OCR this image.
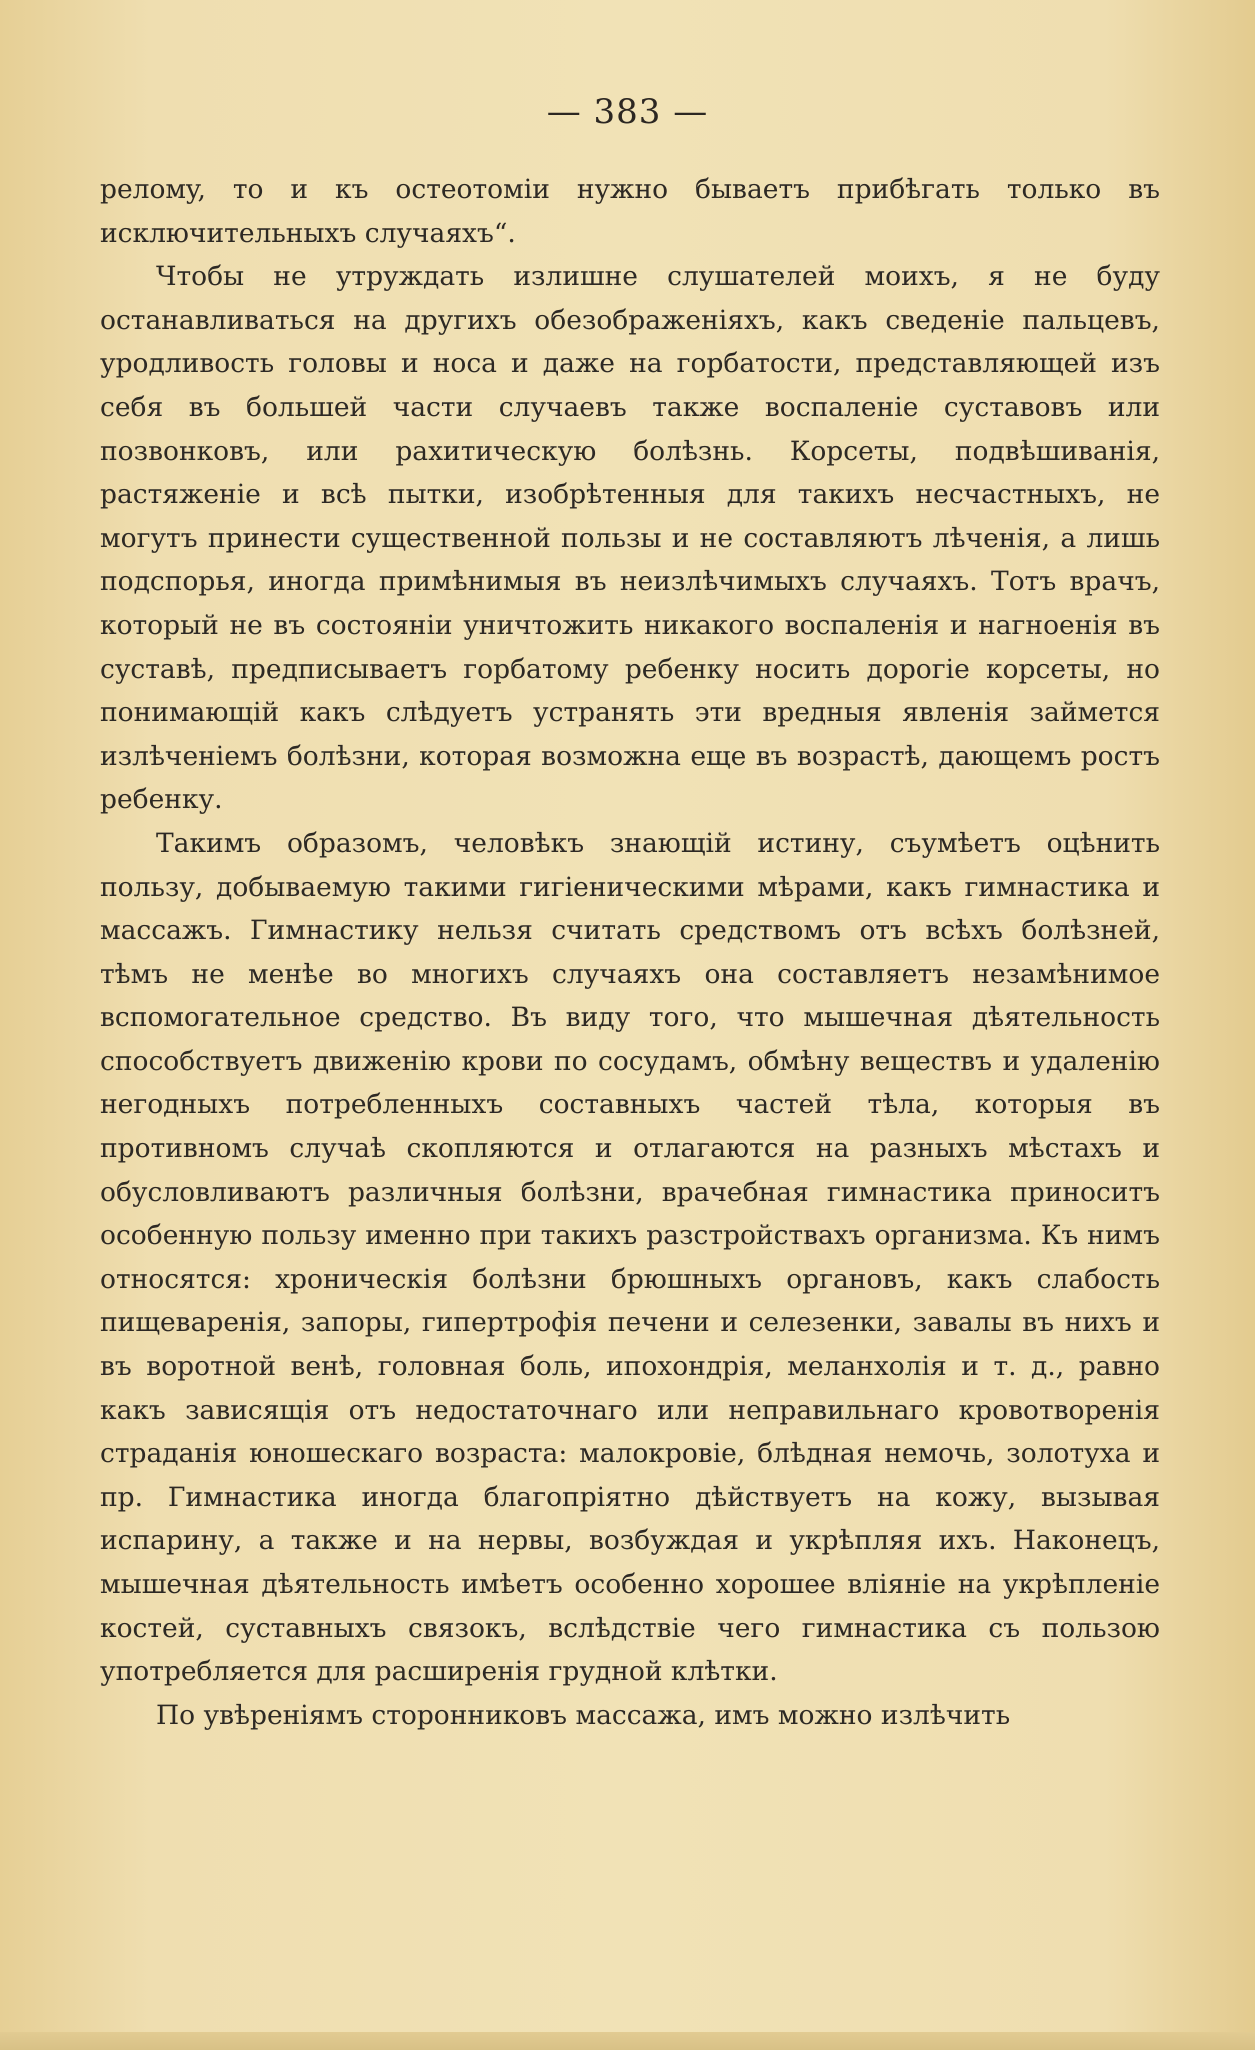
— 383 —

реломy, то и къ остеотомiи нужно бываетъ прибѣгать только въ исключительныхъ случаяхъ“.

Чтобы не утруждать излишне слушателей моихъ, я не буду останавливаться на другихъ обезображенiяхъ, какъ сведенiе пальцевъ, уродливость головы и носа и даже на горбатости, представляющей изъ себя въ большей части случаевъ также воспаленiе суставовъ или позвонковъ, или рахитическую болѣзнь. Корсеты, подвѣшиванiя, растяженiе и всѣ пытки, изобрѣтенныя для такихъ несчастныхъ, не могутъ принести существенной пользы и не составляютъ лѣченiя, а лишь подспорья, иногда примѣнимыя въ неизлѣчимыхъ случаяхъ. Тотъ врачъ, который не въ состоянiи уничтожить никакого воспаленiя и нагноенiя въ суставѣ, предписываетъ горбатому ребенку носить дорогiе корсеты, но понимающiй какъ слѣдуетъ устранять эти вредныя явленiя займется излѣченiемъ болѣзни, которая возможна еще въ возрастѣ, дающемъ ростъ ребенку.

Такимъ образомъ, человѣкъ знающiй истину, съумѣетъ оцѣнить пользу, добываемую такими гигiеническими мѣрами, какъ гимнастика и массажъ. Гимнастику нельзя считать средствомъ отъ всѣхъ болѣзней, тѣмъ не менѣе во многихъ случаяхъ она составляетъ незамѣнимое вспомогательное средство. Въ виду того, что мышечная дѣятельность способствуетъ движенiю крови по сосудамъ, обмѣну веществъ и удаленiю негодныхъ потребленныхъ составныхъ частей тѣла, которыя въ противномъ случаѣ скопляются и отлагаются на разныхъ мѣстахъ и обусловливаютъ различныя болѣзни, врачебная гимнастика приноситъ особенную пользу именно при такихъ разстройствахъ организма. Къ нимъ относятся: хроническiя болѣзни брюшныхъ органовъ, какъ слабость пищеваренiя, запоры, гипертрофiя печени и селезенки, завалы въ нихъ и въ воротной венѣ, головная боль, ипохондрiя, меланхолiя и т. д., равно какъ зависящiя отъ недостаточнаго или неправильнаго кровотворенiя страданiя юношескаго возраста: малокровiе, блѣдная немочь, золотуха и пр. Гимнастика иногда благопрiятно дѣйствуетъ на кожу, вызывая испарину, а также и на нервы, возбуждая и укрѣпляя ихъ. Наконецъ, мышечная дѣятельность имѣетъ особенно хорошее влiянiе на укрѣпленiе костей, суставныхъ связокъ, вслѣдствiе чего гимнастика съ пользою употребляется для расширенiя грудной клѣтки.

По увѣренiямъ сторонниковъ массажа, имъ можно излѣчить
